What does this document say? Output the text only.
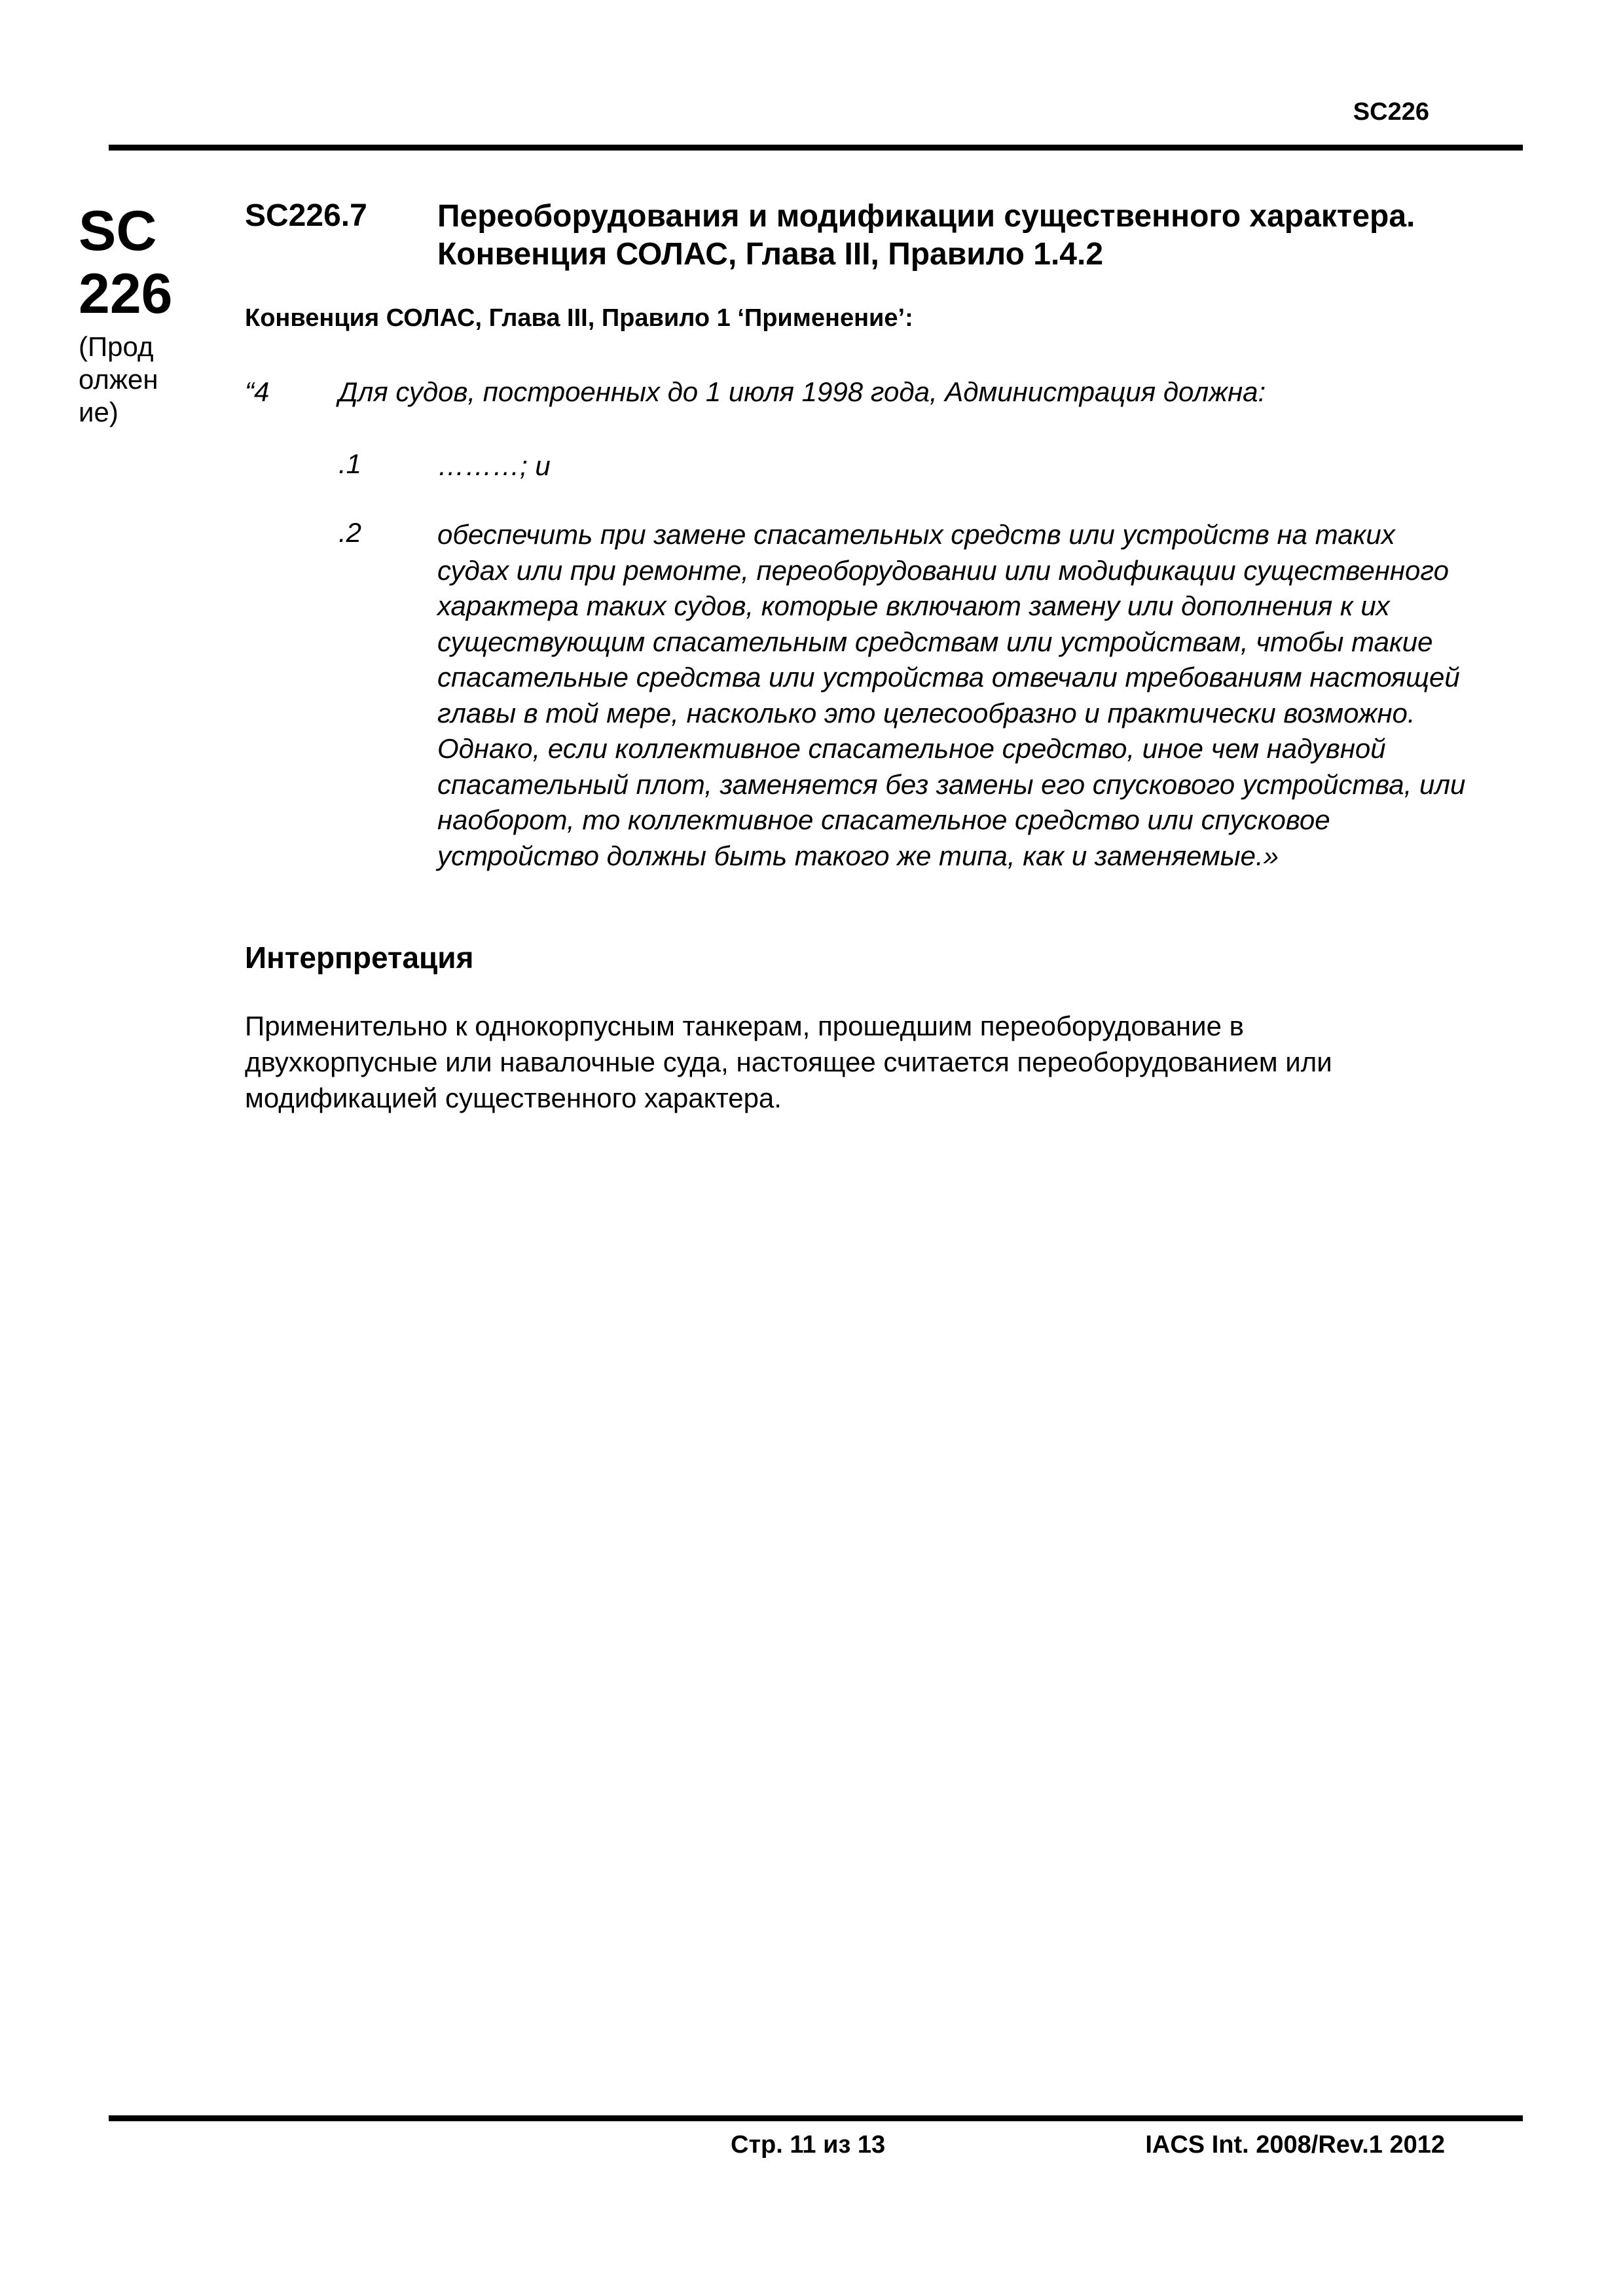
SC226
SC
226
(Прод олжен ие)
SC226.7 Переоборудования и модификации существенного характера.
Конвенция СОЛАС, Глава III, Правило 1.4.2
Конвенция СОЛАС, Глава III, Правило 1 ‘Применение’:
“4	Для судов, построенных до 1 июля 1998 года, Администрация должна:
.1	………; и
.2	обеспечить при замене спасательных средств или устройств на таких судах или при ремонте, переоборудовании или модификации существенного характера таких судов, которые включают замену или дополнения к их существующим спасательным средствам или устройствам, чтобы такие спасательные средства или устройства отвечали требованиям настоящей главы в той мере, насколько это целесообразно и практически возможно. Однако, если коллективное спасательное средство, иное чем надувной спасательный плот, заменяется без замены его спускового устройства, или наоборот, то коллективное спасательное средство или спусковое устройство должны быть такого же типа, как и заменяемые.»
Интерпретация
Применительно к однокорпусным танкерам, прошедшим переоборудование в двухкорпусные или навалочные суда, настоящее считается переоборудованием или модификацией существенного характера.
Стр. 11 из 13	IACS Int. 2008/Rev.1 2012
